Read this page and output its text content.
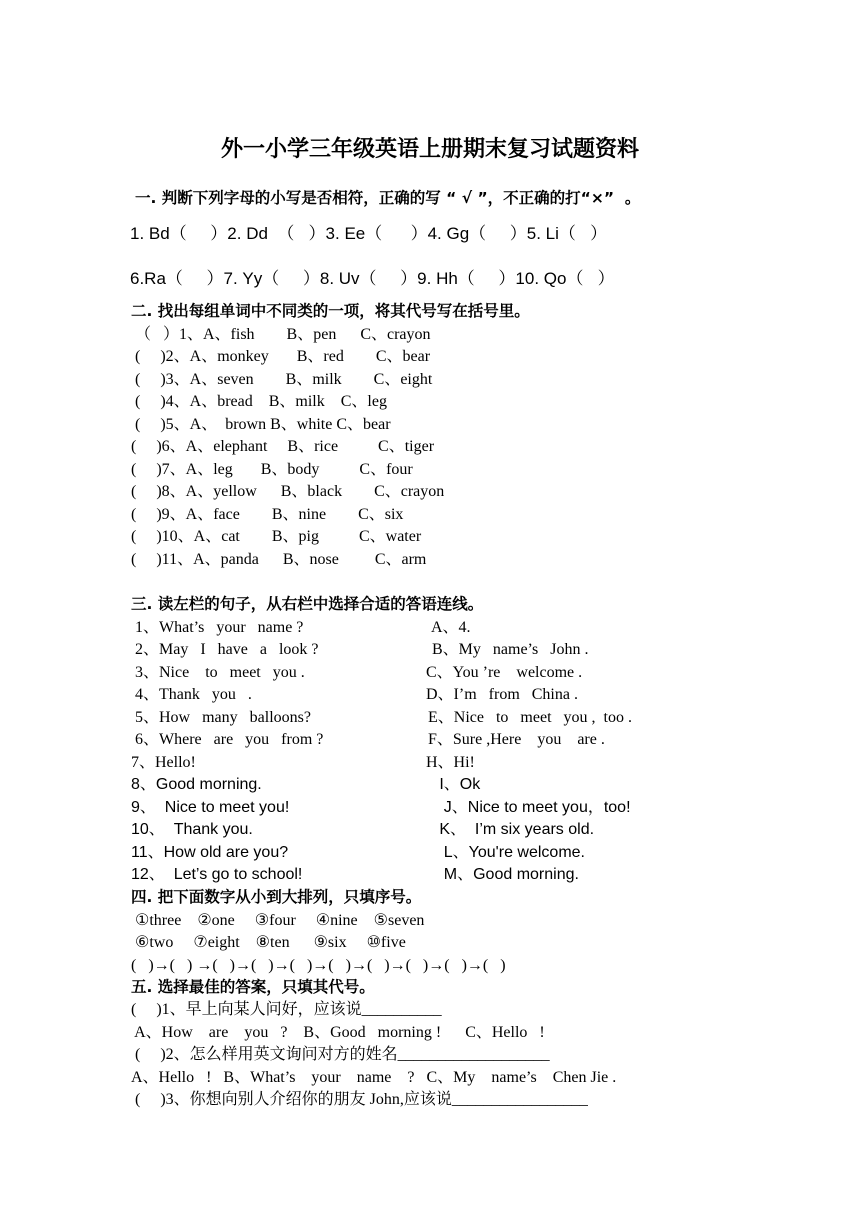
外一小学三年级英语上册期末复习试题资料
一. 判断下列字母的小写是否相符，正确的写 “ √ ”，不正确的打“×”  。
1. Bd（     ）2. Dd  （   ）3. Ee（      ）4. Gg（     ）5. Li（   ）
6.Ra（     ）7. Yy（     ）8. Uv（     ）9. Hh（     ）10. Qo（   ）
二. 找出每组单词中不同类的一项，将其代号写在括号里。
（   ）1、A、fish        B、pen      C、crayon
(     )2、A、monkey       B、red        C、bear
(     )3、A、seven        B、milk        C、eight
(     )4、A、bread    B、milk    C、leg
(     )5、A、  brown B、white C、bear
(     )6、A、elephant     B、rice          C、tiger
(     )7、A、leg       B、body          C、four
(     )8、A、yellow      B、black        C、crayon
(     )9、A、face        B、nine        C、six
(     )10、A、cat        B、pig          C、water
(     )11、A、panda      B、nose         C、arm
三. 读左栏的句子，从右栏中选择合适的答语连线。
1、What’s   your   name ?
2、May   I   have   a   look ?
3、Nice    to   meet   you .
4、Thank   you   .
5、How   many   balloons?
6、Where   are   you   from ?
7、Hello!
8、Good morning.
9、  Nice to meet you!
10、  Thank you.
11、How old are you?
12、  Let’s go to school!
A、4.
B、My   name’s   John .
C、You ’re    welcome .
D、I’m   from   China .
E、Nice   to   meet   you ,  too .
F、Sure ,Here    you    are .
H、Hi!
I、Ok
J、Nice to meet you，too!
K、  I’m six years old.
L、You're welcome.
M、Good morning.
四. 把下面数字从小到大排列，只填序号。
①three    ②one     ③four     ④nine    ⑤seven
⑥two     ⑦eight    ⑧ten      ⑨six     ⑩five
(   )→(   ) →(   )→(   )→(   )→(   )→(   )→(   )→(   )→(   )
五. 选择最佳的答案，只填其代号。
(     )1、早上向某人问好，应该说__________
A、How    are    you   ?    B、Good   morning !      C、Hello   !
(     )2、怎么样用英文询问对方的姓名___________________
A、Hello   !   B、What’s    your    name    ?   C、My    name’s    Chen Jie .
(     )3、你想向别人介绍你的朋友 John,应该说_________________
